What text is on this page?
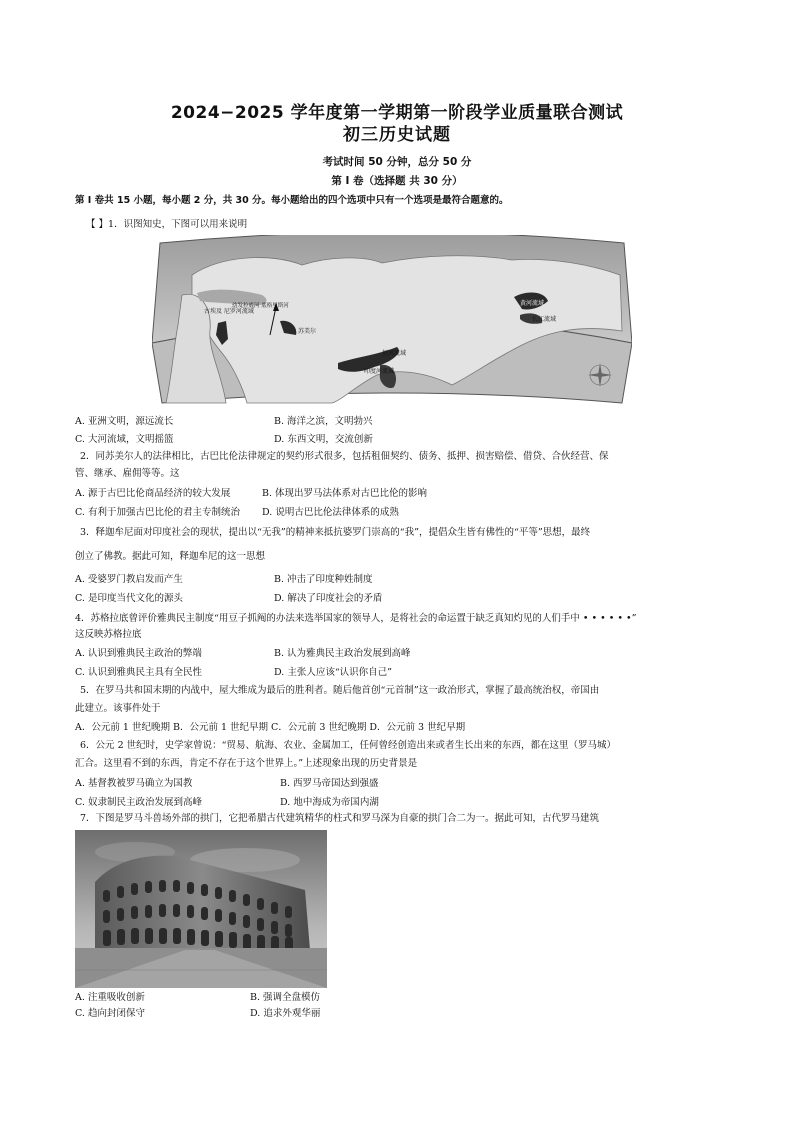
2024−2025 学年度第一学期第一阶段学业质量联合测试
初三历史试题
考试时间 50 分钟，总分 50 分
第 I 卷（选择题 共 30 分）
第 I 卷共 15 小题，每小题 2 分，共 30 分。每小题给出的四个选项中只有一个选项是最符合题意的。
【 】1．识图知史，下图可以用来说明
古埃及 尼罗河流域
幼发拉底河 底格里斯河
苏美尔
印度河流域
恒河流域
黄河流域
长江流域
A. 亚洲文明，源远流长	B. 海洋之滨，文明勃兴
C. 大河流域，文明摇篮	D. 东西文明，交流创新
2．同苏美尔人的法律相比，古巴比伦法律规定的契约形式很多，包括租佃契约、债务、抵押、损害赔偿、借贷、合伙经营、保
管、继承、雇佣等等。这
A. 源于古巴比伦商品经济的较大发展	B. 体现出罗马法体系对古巴比伦的影响
C. 有利于加强古巴比伦的君主专制统治 D. 说明古巴比伦法律体系的成熟
3．释迦牟尼面对印度社会的现状，提出以“无我”的精神来抵抗婆罗门崇高的“我”，提倡众生皆有佛性的“平等”思想，最终
创立了佛教。据此可知，释迦牟尼的这一思想
A. 受婆罗门教启发而产生	B. 冲击了印度种姓制度
C. 是印度当代文化的源头	D. 解决了印度社会的矛盾
4．苏格拉底曾评价雅典民主制度“用豆子抓阄的办法来选举国家的领导人，是将社会的命运置于缺乏真知灼见的人们手中 • • • • • •”
这反映苏格拉底
A. 认识到雅典民主政治的弊端	B. 认为雅典民主政治发展到高峰
C. 认识到雅典民主具有全民性	D. 主张人应该“认识你自己”
5．在罗马共和国末期的内战中，屋大维成为最后的胜利者。随后他首创“元首制”这一政治形式，掌握了最高统治权，帝国由
此建立。该事件处于
A．公元前 1 世纪晚期 B．公元前 1 世纪早期 C．公元前 3 世纪晚期 D．公元前 3 世纪早期
6．公元 2 世纪时，史学家曾说：“贸易、航海、农业、金属加工，任何曾经创造出来或者生长出来的东西，都在这里（罗马城）
汇合。这里看不到的东西，肯定不存在于这个世界上。”上述现象出现的历史背景是
A. 基督教被罗马确立为国教	B. 西罗马帝国达到强盛
C. 奴隶制民主政治发展到高峰	D. 地中海成为帝国内湖
7．下图是罗马斗兽场外部的拱门，它把希腊古代建筑精华的柱式和罗马深为自豪的拱门合二为一。据此可知，古代罗马建筑
A. 注重吸收创新	B. 强调全盘模仿
C. 趋向封闭保守	D. 追求外观华丽
